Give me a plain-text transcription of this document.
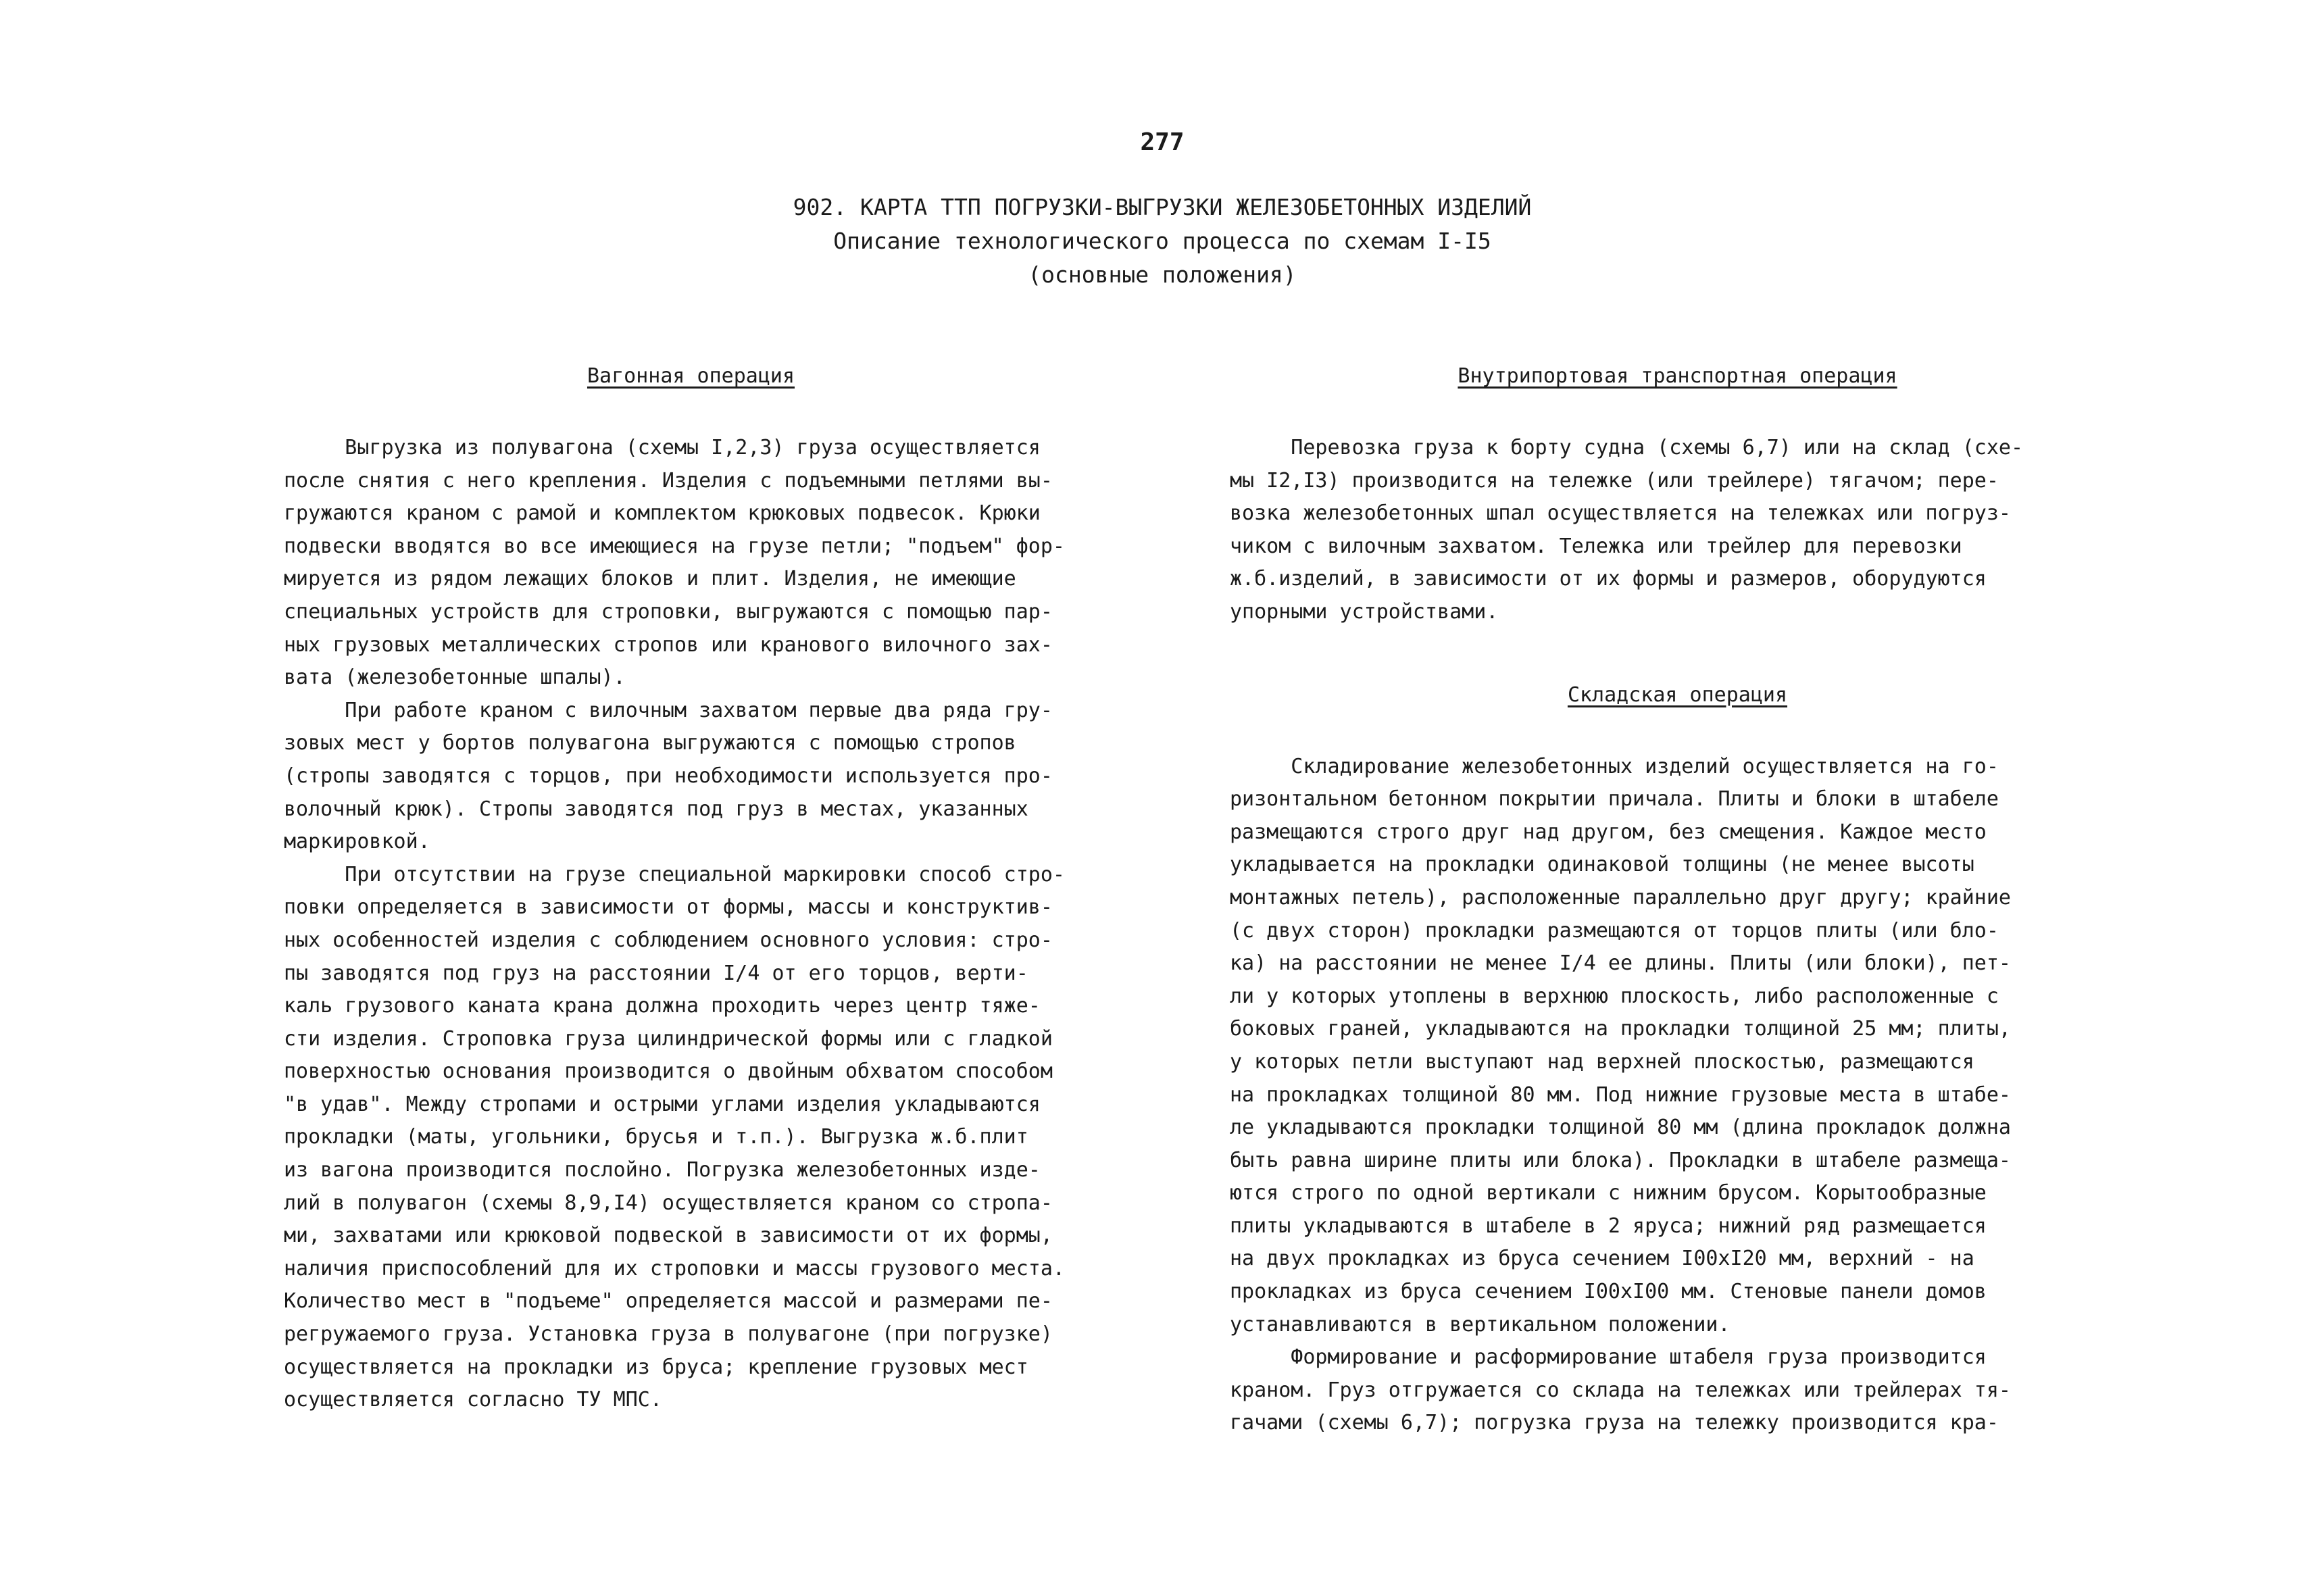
277
902. КАРТА ТТП ПОГРУЗКИ-ВЫГРУЗКИ ЖЕЛЕЗОБЕТОННЫХ ИЗДЕЛИЙ
Описание технологического процесса по схемам I-I5
(основные положения)
Вагонная операция
Выгрузка из полувагона (схемы I,2,3) груза осуществляется
после снятия с него крепления. Изделия с подъемными петлями вы-
гружаются краном с рамой и комплектом крюковых подвесок. Крюки
подвески вводятся во все имеющиеся на грузе петли; "подъем" фор-
мируется из рядом лежащих блоков и плит. Изделия, не имеющие
специальных устройств для строповки, выгружаются с помощью пар-
ных грузовых металлических стропов или кранового вилочного зах-
вата (железобетонные шпалы).
При работе краном с вилочным захватом первые два ряда гру-
зовых мест у бортов полувагона выгружаются с помощью стропов
(стропы заводятся с торцов, при необходимости используется про-
волочный крюк). Стропы заводятся под груз в местах, указанных
маркировкой.
При отсутствии на грузе специальной маркировки способ стро-
повки определяется в зависимости от формы, массы и конструктив-
ных особенностей изделия с соблюдением основного условия: стро-
пы заводятся под груз на расстоянии I/4 от его торцов, верти-
каль грузового каната крана должна проходить через центр тяже-
сти изделия. Строповка груза цилиндрической формы или с гладкой
поверхностью основания производится о двойным обхватом способом
"в удав". Между стропами и острыми углами изделия укладываются
прокладки (маты, угольники, брусья и т.п.). Выгрузка ж.б.плит
из вагона производится послойно. Погрузка железобетонных изде-
лий в полувагон (схемы 8,9,I4) осуществляется краном со стропа-
ми, захватами или крюковой подвеской в зависимости от их формы,
наличия приспособлений для их строповки и массы грузового места.
Количество мест в "подъеме" определяется массой и размерами пе-
регружаемого груза. Установка груза в полувагоне (при погрузке)
осуществляется на прокладки из бруса; крепление грузовых мест
осуществляется согласно ТУ МПС.
Внутрипортовая транспортная операция
Перевозка груза к борту судна (схемы 6,7) или на склад (схе-
мы I2,I3) производится на тележке (или трейлере) тягачом; пере-
возка железобетонных шпал осуществляется на тележках или погруз-
чиком с вилочным захватом. Тележка или трейлер для перевозки
ж.б.изделий, в зависимости от их формы и размеров, оборудуются
упорными устройствами.
Складская операция
Складирование железобетонных изделий осуществляется на го-
ризонтальном бетонном покрытии причала. Плиты и блоки в штабеле
размещаются строго друг над другом, без смещения. Каждое место
укладывается на прокладки одинаковой толщины (не менее высоты
монтажных петель), расположенные параллельно друг другу; крайние
(с двух сторон) прокладки размещаются от торцов плиты (или бло-
ка) на расстоянии не менее I/4 ее длины. Плиты (или блоки), пет-
ли у которых утоплены в верхнюю плоскость, либо расположенные с
боковых граней, укладываются на прокладки толщиной 25 мм; плиты,
у которых петли выступают над верхней плоскостью, размещаются
на прокладках толщиной 80 мм. Под нижние грузовые места в штабе-
ле укладываются прокладки толщиной 80 мм (длина прокладок должна
быть равна ширине плиты или блока). Прокладки в штабеле размеща-
ются строго по одной вертикали с нижним брусом. Корытообразные
плиты укладываются в штабеле в 2 яруса; нижний ряд размещается
на двух прокладках из бруса сечением I00xI20 мм, верхний - на
прокладках из бруса сечением I00xI00 мм. Стеновые панели домов
устанавливаются в вертикальном положении.
Формирование и расформирование штабеля груза производится
краном. Груз отгружается со склада на тележках или трейлерах тя-
гачами (схемы 6,7); погрузка груза на тележку производится кра-
